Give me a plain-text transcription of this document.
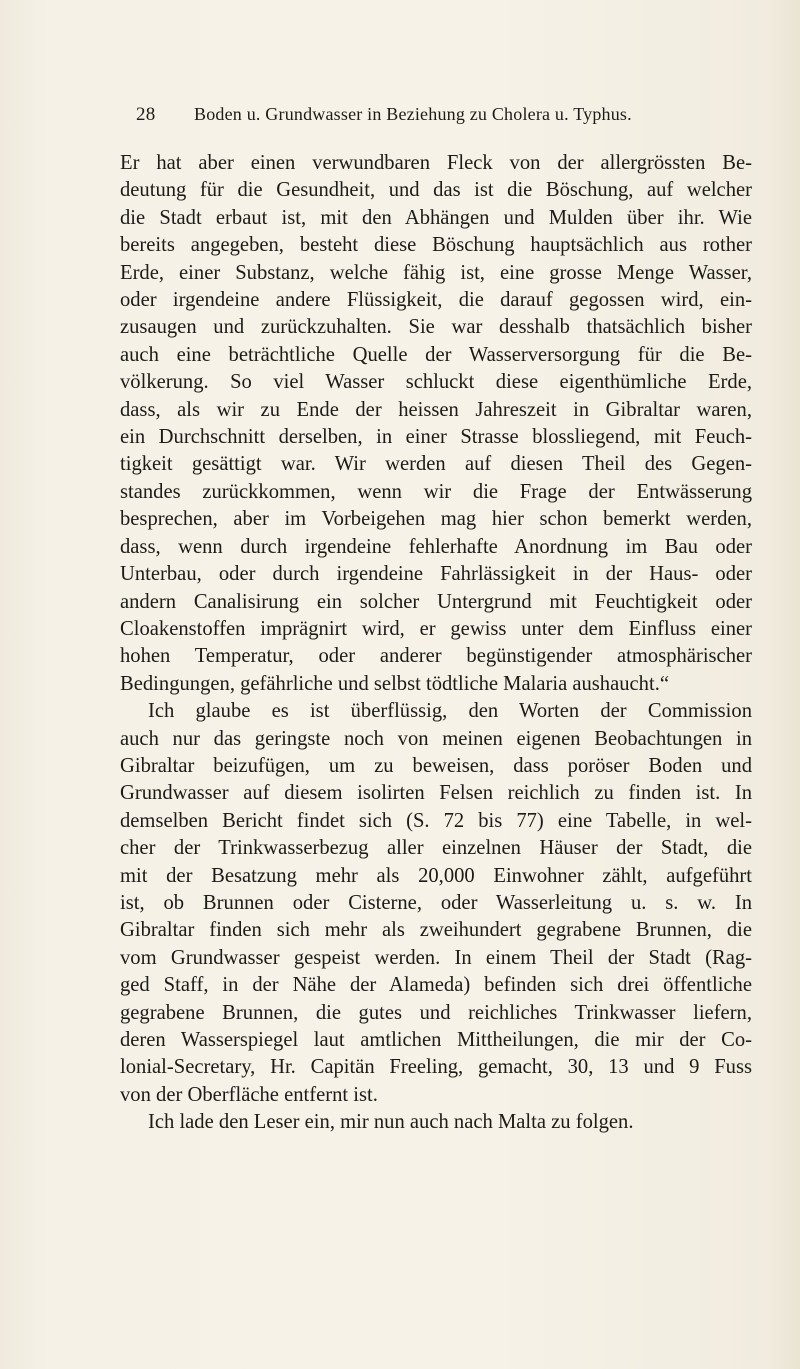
28 Boden u. Grundwasser in Beziehung zu Cholera u. Typhus.
Er hat aber einen verwundbaren Fleck von der allergrössten Be-
deutung für die Gesundheit, und das ist die Böschung, auf welcher
die Stadt erbaut ist, mit den Abhängen und Mulden über ihr. Wie
bereits angegeben, besteht diese Böschung hauptsächlich aus rother
Erde, einer Substanz, welche fähig ist, eine grosse Menge Wasser,
oder irgendeine andere Flüssigkeit, die darauf gegossen wird, ein-
zusaugen und zurückzuhalten. Sie war desshalb thatsächlich bisher
auch eine beträchtliche Quelle der Wasserversorgung für die Be-
völkerung. So viel Wasser schluckt diese eigenthümliche Erde,
dass, als wir zu Ende der heissen Jahreszeit in Gibraltar waren,
ein Durchschnitt derselben, in einer Strasse blossliegend, mit Feuch-
tigkeit gesättigt war. Wir werden auf diesen Theil des Gegen-
standes zurückkommen, wenn wir die Frage der Entwässerung
besprechen, aber im Vorbeigehen mag hier schon bemerkt werden,
dass, wenn durch irgendeine fehlerhafte Anordnung im Bau oder
Unterbau, oder durch irgendeine Fahrlässigkeit in der Haus- oder
andern Canalisirung ein solcher Untergrund mit Feuchtigkeit oder
Cloakenstoffen imprägnirt wird, er gewiss unter dem Einfluss einer
hohen Temperatur, oder anderer begünstigender atmosphärischer
Bedingungen, gefährliche und selbst tödtliche Malaria aushaucht.“
Ich glaube es ist überflüssig, den Worten der Commission
auch nur das geringste noch von meinen eigenen Beobachtungen in
Gibraltar beizufügen, um zu beweisen, dass poröser Boden und
Grundwasser auf diesem isolirten Felsen reichlich zu finden ist. In
demselben Bericht findet sich (S. 72 bis 77) eine Tabelle, in wel-
cher der Trinkwasserbezug aller einzelnen Häuser der Stadt, die
mit der Besatzung mehr als 20,000 Einwohner zählt, aufgeführt
ist, ob Brunnen oder Cisterne, oder Wasserleitung u. s. w. In
Gibraltar finden sich mehr als zweihundert gegrabene Brunnen, die
vom Grundwasser gespeist werden. In einem Theil der Stadt (Rag-
ged Staff, in der Nähe der Alameda) befinden sich drei öffentliche
gegrabene Brunnen, die gutes und reichliches Trinkwasser liefern,
deren Wasserspiegel laut amtlichen Mittheilungen, die mir der Co-
lonial-Secretary, Hr. Capitän Freeling, gemacht, 30, 13 und 9 Fuss
von der Oberfläche entfernt ist.
Ich lade den Leser ein, mir nun auch nach Malta zu folgen.
